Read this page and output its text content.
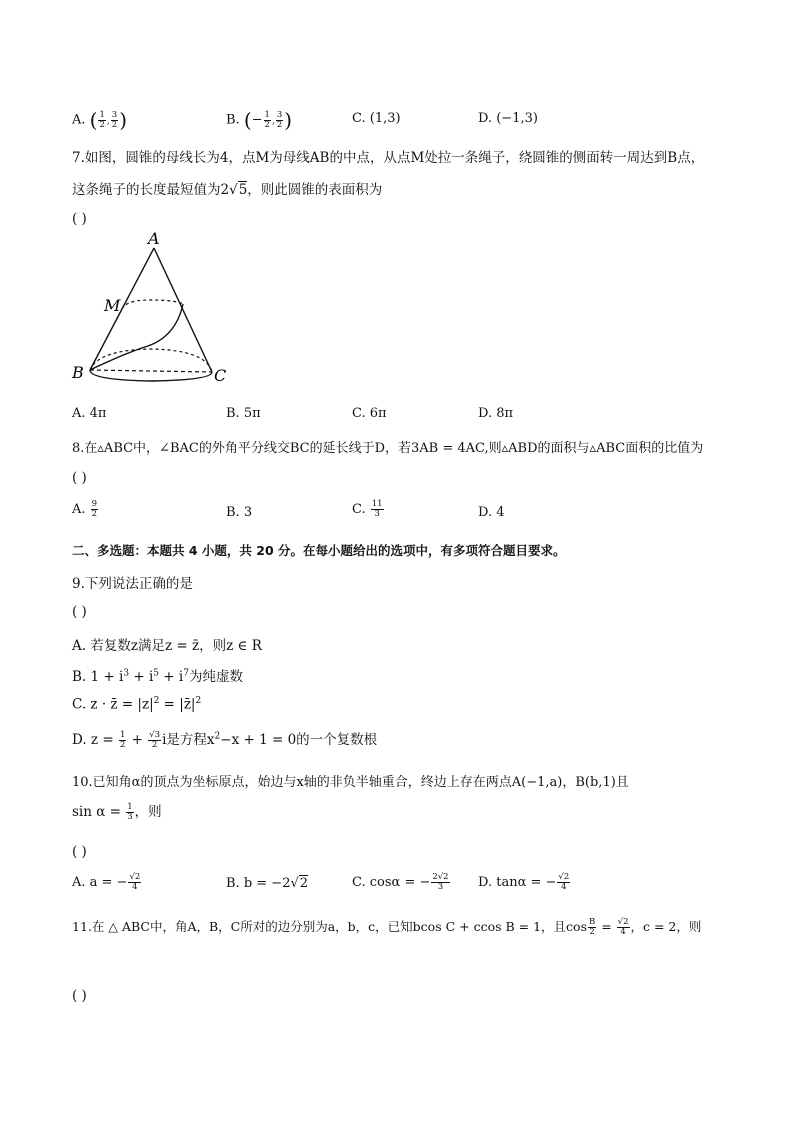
A. ( $\frac{1}{2}$ , $\frac{3}{2}$ )	B. (− $\frac{1}{2}$ , $\frac{3}{2}$ )	C. (1,3)	D. (−1,3)
7.如图，圆锥的母线长为4，点M为母线AB的中点，从点M处拉一条绳子，绕圆锥的侧面转一周达到B点，
这条绳子的长度最短值为2√5，则此圆锥的表面积为
( )
A
M
B	C
A. 4π	B. 5π	C. 6π	D. 8π
8.在▵ABC中，∠BAC的外角平分线交BC的延长线于D，若3AB = 4AC,则▵ABD的面积与▵ABC面积的比值为
( )
A. $\frac{9}{2}$	B. 3	C. $\frac{11}{3}$	D. 4
二、多选题：本题共 4 小题，共 20 分。在每小题给出的选项中，有多项符合题目要求。
9.下列说法正确的是
( )
A. 若复数z满足z = z̄，则z ∈ R
B. $1 + i^3 + i^5 + i^7$为纯虚数
C. z · z̄ = $|z|^2$ = $|z̄|^2$
D. $z = \frac{1}{2} + \frac{√3}{2}$ i是方程$x^2-x + 1 = 0$的一个复数根
10.已知角α的顶点为坐标原点，始边与x轴的非负半轴重合，终边上存在两点A(−1,a)，B(b,1)且
$\sin \alpha = \frac{1}{3}$ ，则
( )
A. a = − $\frac{√2}{4}$	B. b = −2√2	C. cosα = − $\frac{2√2}{3} D$. tanα = − $\frac{√2}{4}$
11.在 △ ABC中，角A，B，C所对的边分别为a，b，c，已知bcos C + ccos B = 1，且$\cos \frac{B}{2} = \frac{√2}{4}$ ，c = 2，则
( )
